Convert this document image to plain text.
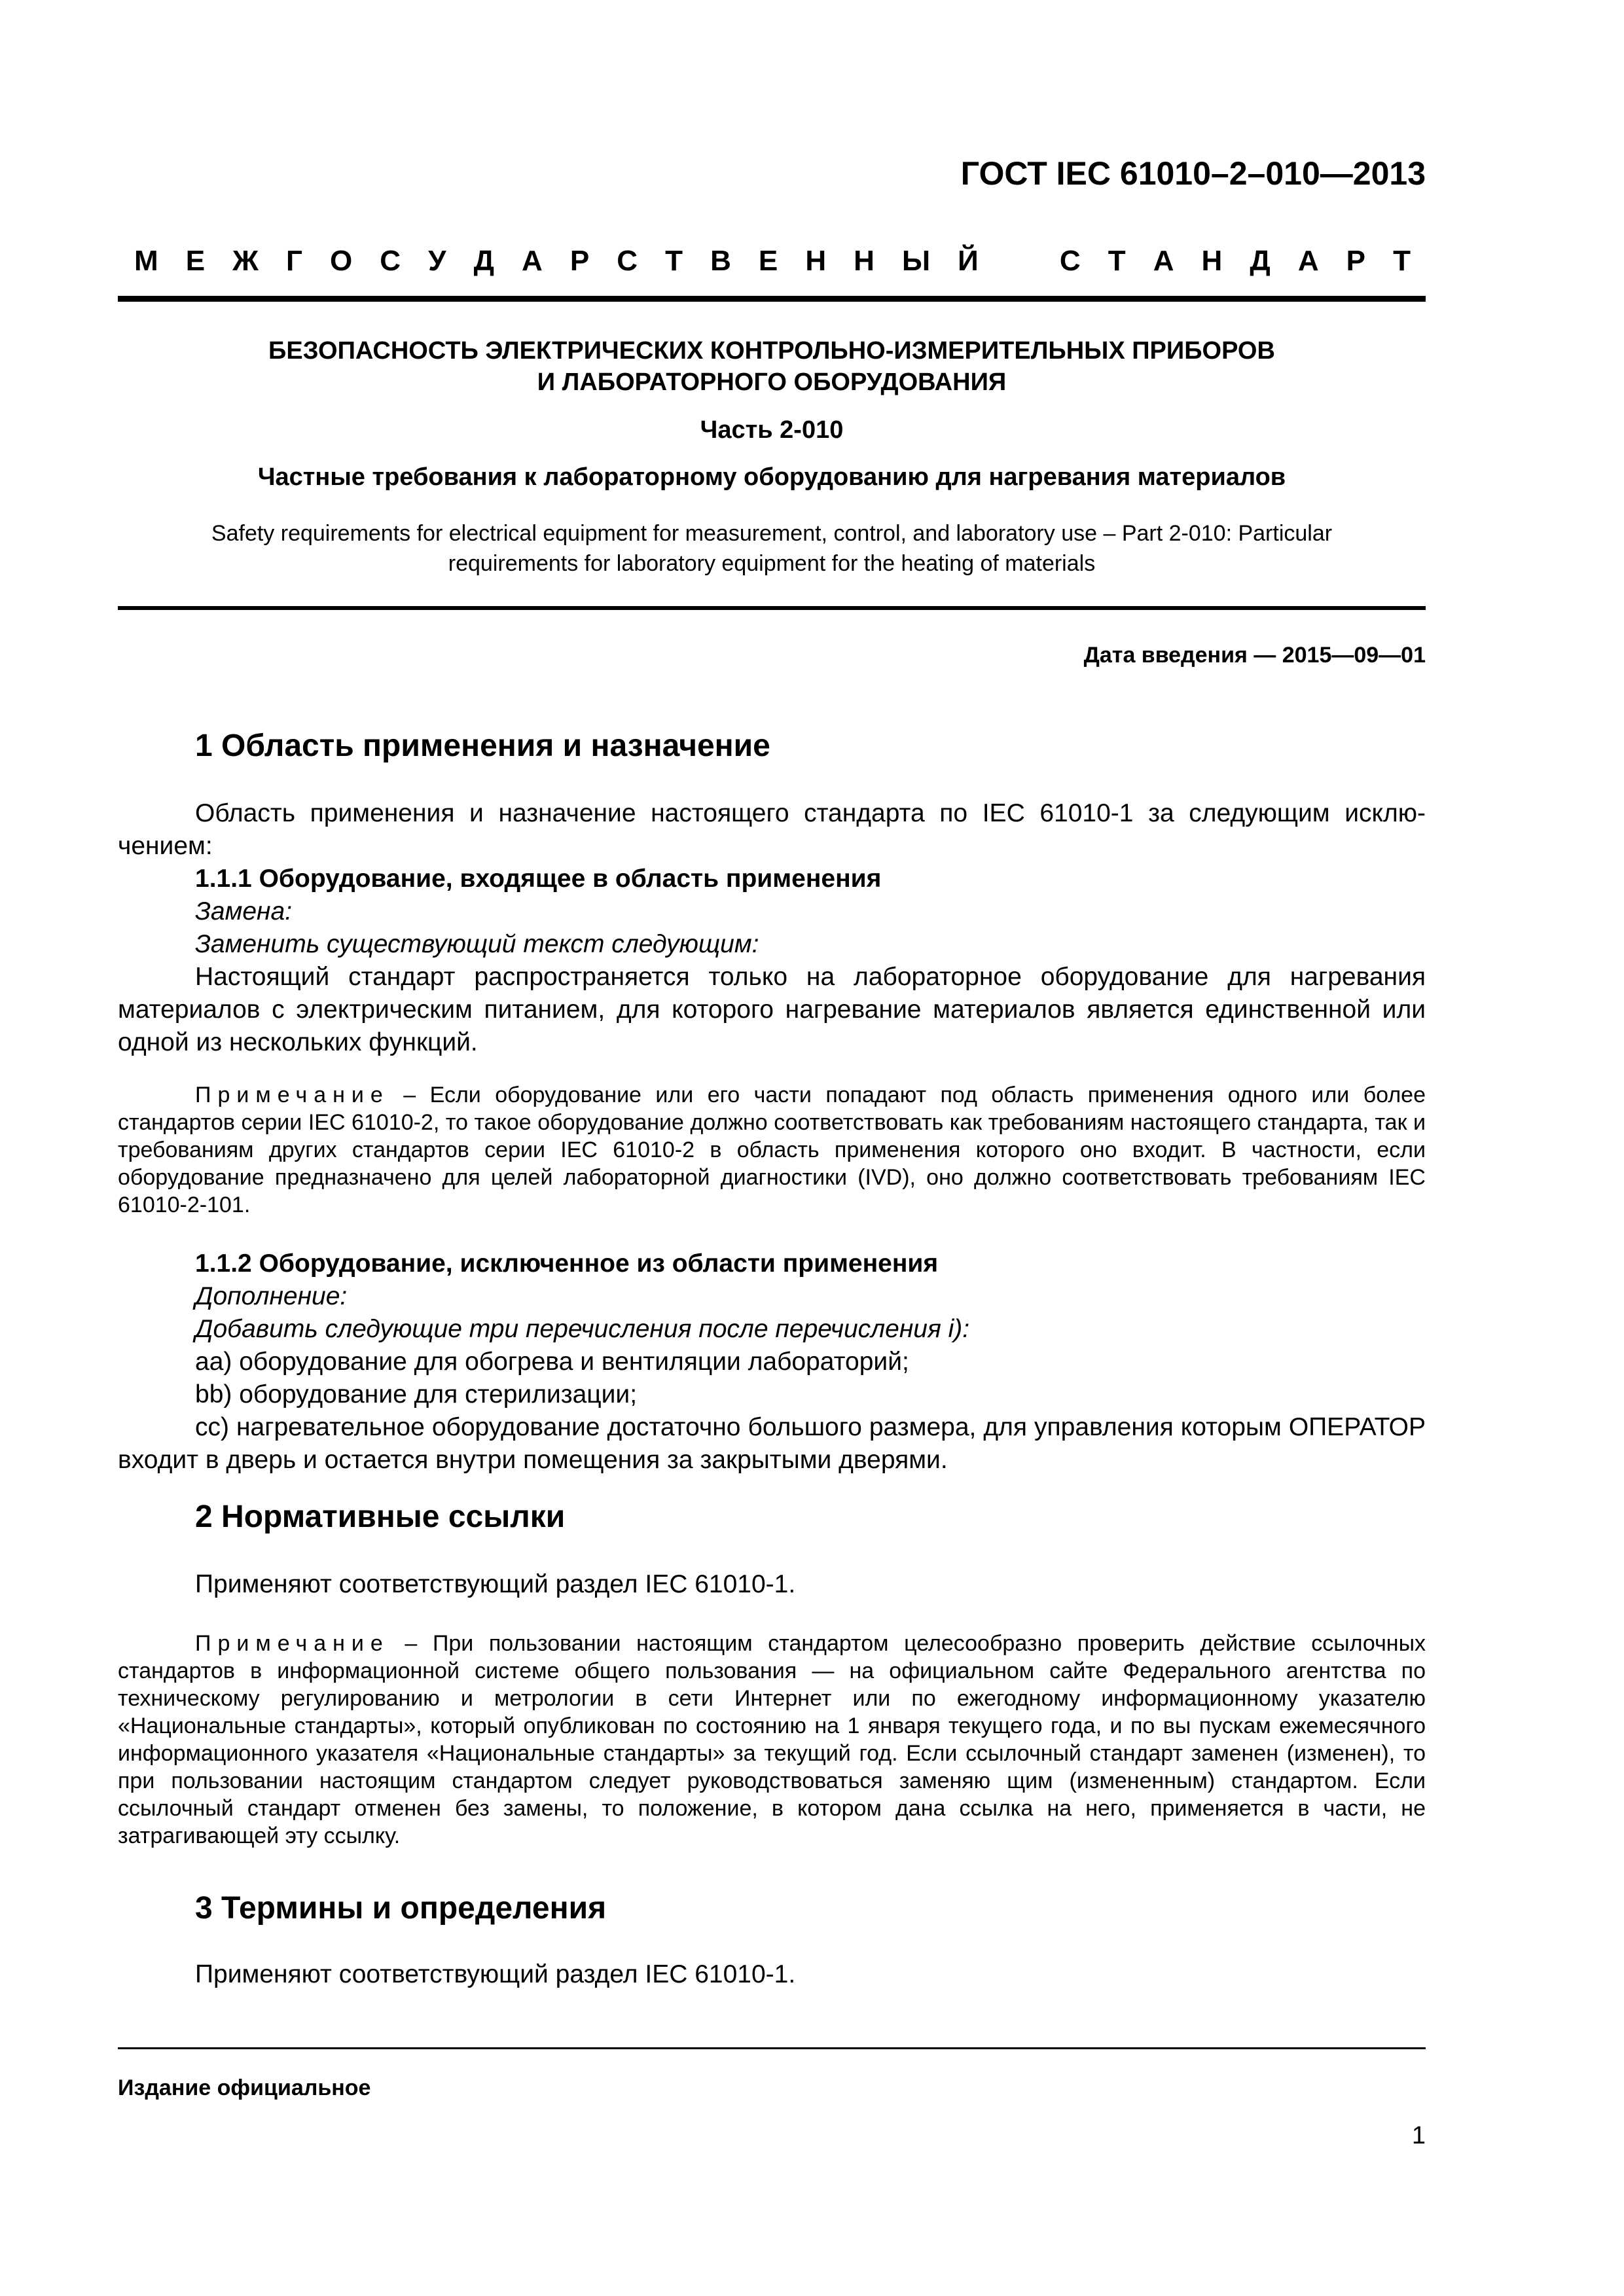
ГОСТ IEC 61010–2–010—2013
М Е Ж Г О С У Д А Р С Т В Е Н Н Ы Й	С Т А Н Д А Р Т
БЕЗОПАСНОСТЬ ЭЛЕКТРИЧЕСКИХ КОНТРОЛЬНО-ИЗМЕРИТЕЛЬНЫХ ПРИБОРОВ
И ЛАБОРАТОРНОГО ОБОРУДОВАНИЯ
Часть 2-010
Частные требования к лабораторному оборудованию для нагревания материалов
Safety requirements for electrical equipment for measurement, control, and laboratory use – Part 2-010: Particular
requirements for laboratory equipment for the heating of materials
Дата введения — 2015—09—01
1 Область применения и назначение

Область применения и назначение настоящего стандарта по IEC 61010-1 за следующим исключением:

1.1.1 Оборудование, входящее в область применения

Замена:

Заменить существующий текст следующим:

Настоящий стандарт распространяется только на лабораторное оборудование для нагревания материалов с электрическим питанием, для которого нагревание материалов является единственной или одной из нескольких функций.

Примечание – Если оборудование или его части попадают под область применения одного или более стандартов серии IEC 61010-2, то такое оборудование должно соответствовать как требованиям настоящего стандарта, так и требованиям других стандартов серии IEC 61010-2 в область применения которого оно входит. В частности, если оборудование предназначено для целей лабораторной диагностики (IVD), оно должно соответствовать требованиям IEC 61010-2-101.

1.1.2 Оборудование, исключенное из области применения

Дополнение:

Добавить следующие три перечисления после перечисления i):

aa) оборудование для обогрева и вентиляции лабораторий;

bb) оборудование для стерилизации;

cc) нагревательное оборудование достаточно большого размера, для управления которым ОПЕРАТОР входит в дверь и остается внутри помещения за закрытыми дверями.

2 Нормативные ссылки

Применяют соответствующий раздел IEC 61010-1.

Примечание – При пользовании настоящим стандартом целесообразно проверить действие ссылочных стандартов в информационной системе общего пользования — на официальном сайте Федерального агентства по техническому регулированию и метрологии в сети Интернет или по ежегодному информационному указателю «Национальные стандарты», который опубликован по состоянию на 1 января текущего года, и по вы пускам ежемесячного информационного указателя «Национальные стандарты» за текущий год. Если ссылочный стандарт заменен (изменен), то при пользовании настоящим стандартом следует руководствоваться заменяю щим (измененным) стандартом. Если ссылочный стандарт отменен без замены, то положение, в котором дана ссылка на него, применяется в части, не затрагивающей эту ссылку.

3 Термины и определения

Применяют соответствующий раздел IEC 61010-1.

Издание официальное
1
